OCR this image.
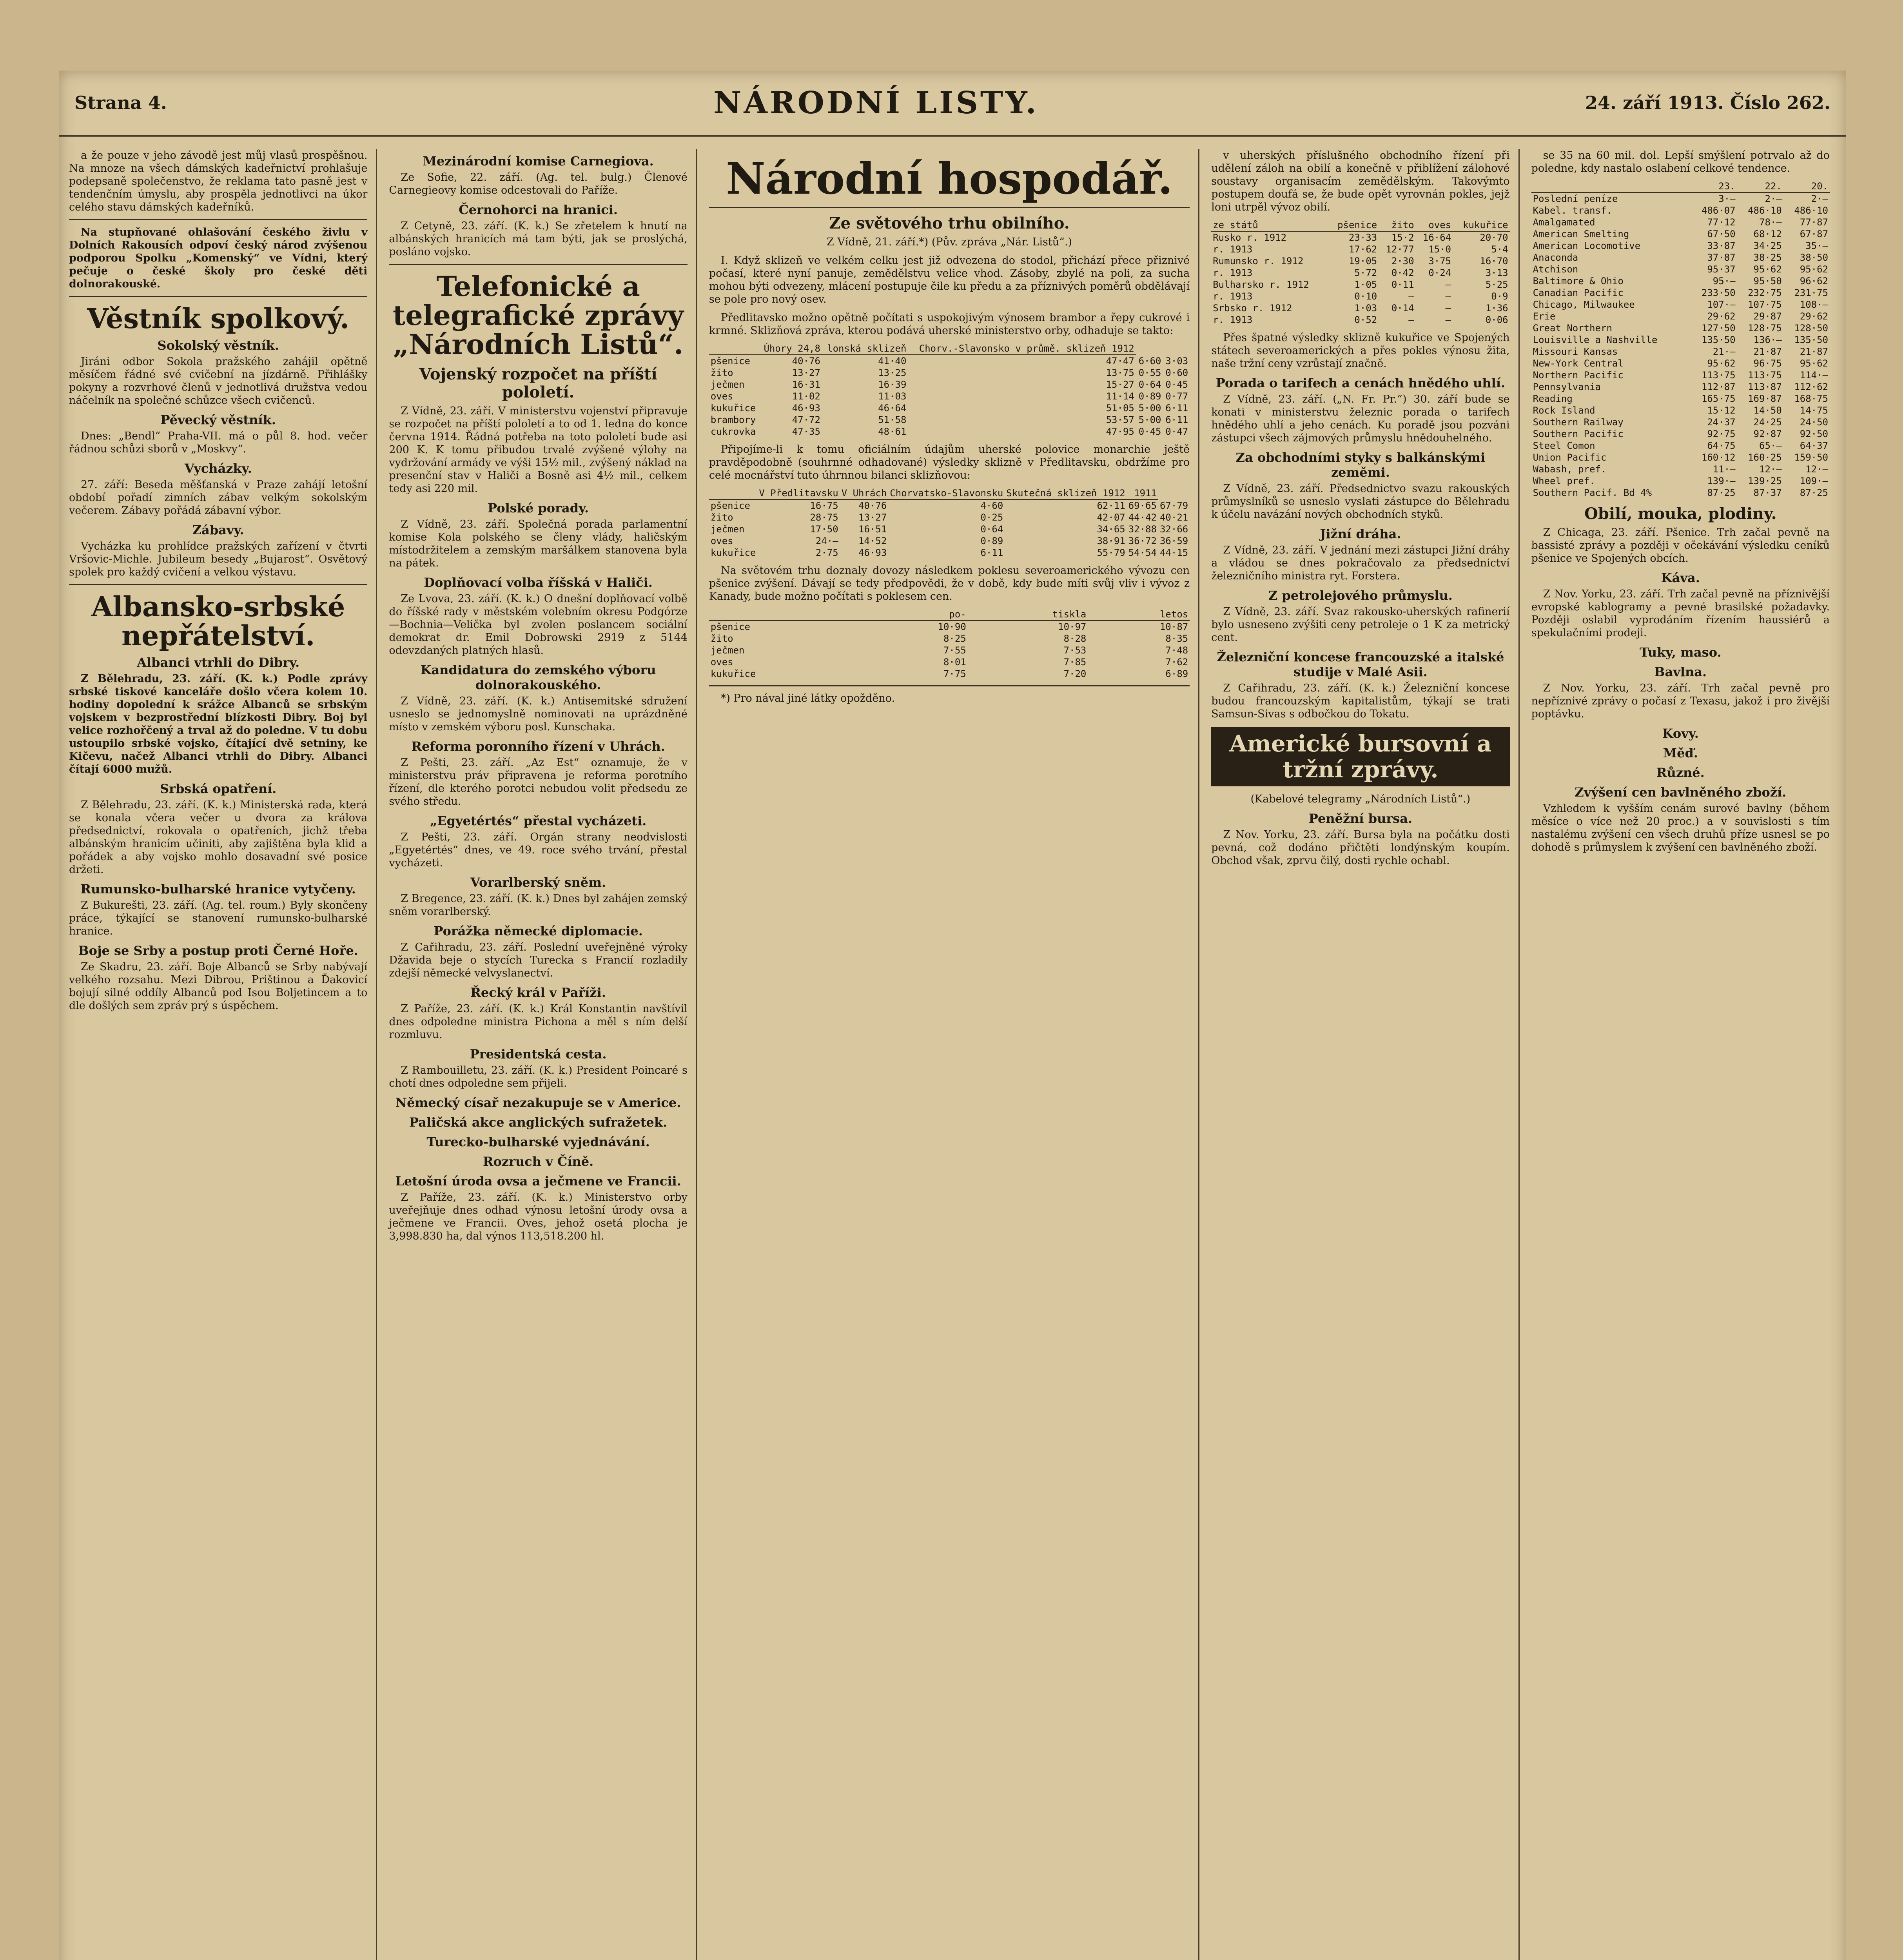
Strana 4.	NÁRODNÍ LISTY.	24. září 1913. Číslo 262.

a že pouze v jeho závodě jest můj vlasů prospěšnou. Na mnoze na všech dámských kadeřnictví prohlašuje podepsaně společenstvo, že reklama tato pasně jest v tendenčním úmyslu, aby prospěla jednotlivci na úkor celého stavu dámských kadeřníků.

Na stupňované ohlašování českého živlu v Dolních Rakousích odpoví český národ zvýšenou podporou Spolku „Komenský“ ve Vídni, který pečuje o české školy pro české děti dolnorakouské.

Věstník spolkový.
Sokolský věstník.

Jiráni odbor Sokola pražského zahájil opětně měsíčem řádné své cvičební na jízdárně. Přihlášky pokyny a rozvrhové členů v jednotlivá družstva vedou náčelník na společné schůzce všech cvičenců.

Pěvecký věstník.

Dnes: „Bendl“ Praha-VII. má o půl 8. hod. večer řádnou schůzi sborů v „Moskvy“.

Vycházky.

27. září: Beseda měšťanská v Praze zahájí letošní období pořadí zimních zábav velkým sokolským večerem. Zábavy pořádá zábavní výbor.

Zábavy.

Vycházka ku prohlídce pražských zařízení v čtvrti Vršovic-Michle. Jubileum besedy „Bujarost“. Osvětový spolek pro každý cvičení a velkou výstavu.

Albansko-srbské nepřátelství.
Albanci vtrhli do Dibry.

Z Bělehradu, 23. září. (K. k.) Podle zprávy srbské tiskové kanceláře došlo včera kolem 10. hodiny dopolední k srážce Albanců se srbským vojskem v bezprostřední blízkosti Dibry. Boj byl velice rozhořčený a trval až do poledne. V tu dobu ustoupilo srbské vojsko, čítající dvě setniny, ke Kičevu, načež Albanci vtrhli do Dibry. Albanci čítají 6000 mužů.

Srbská opatření.

Z Bělehradu, 23. září. (K. k.) Ministerská rada, která se konala včera večer u dvora za králova předsednictví, rokovala o opatřeních, jichž třeba albánským hranicím učiniti, aby zajištěna byla klid a pořádek a aby vojsko mohlo dosavadní své posice držeti.

Rumunsko-bulharské hranice vytyčeny.

Z Bukurešti, 23. září. (Ag. tel. roum.) Byly skončeny práce, týkající se stanovení rumunsko-bulharské hranice.

Boje se Srby a postup proti Černé Hoře.

Ze Skadru, 23. září. Boje Albanců se Srby nabývají velkého rozsahu. Mezi Dibrou, Prištinou a Ďakovicí bojují silné oddíly Albanců pod Isou Boljetincem a to dle došlých sem zpráv prý s úspěchem.

Mezinárodní komise Carnegiova.

Ze Sofie, 22. září. (Ag. tel. bulg.) Členové Carnegieovy komise odcestovali do Paříže.

Černohorci na hranici.

Z Cetyně, 23. září. (K. k.) Se zřetelem k hnutí na albánských hranicích má tam býti, jak se proslýchá, posláno vojsko.

Telefonické a telegrafické zprávy „Národních Listů“.
Vojenský rozpočet na příští pololetí.

Z Vídně, 23. září. V ministerstvu vojenství připravuje se rozpočet na příští pololetí a to od 1. ledna do konce června 1914. Řádná potřeba na toto pololetí bude asi 200 K. K tomu přibudou trvalé zvýšené výlohy na vydržování armády ve výši 15½ mil., zvýšený náklad na presenční stav v Haliči a Bosně asi 4½ mil., celkem tedy asi 220 mil.

Polské porady.

Z Vídně, 23. září. Společná porada parlamentní komise Kola polského se členy vlády, haličským místodržitelem a zemským maršálkem stanovena byla na pátek.

Doplňovací volba říšská v Haliči.

Ze Lvova, 23. září. (K. k.) O dnešní doplňovací volbě do říšské rady v městském volebním okresu Podgórze—Bochnia—Velička byl zvolen poslancem sociální demokrat dr. Emil Dobrowski 2919 z 5144 odevzdaných platných hlasů.

Kandidatura do zemského výboru dolnorakouského.

Z Vídně, 23. září. (K. k.) Antisemitské sdružení usneslo se jednomyslně nominovati na uprázdněné místo v zemském výboru posl. Kunschaka.

Reforma poronního řízení v Uhrách.

Z Pešti, 23. září. „Az Est“ oznamuje, že v ministerstvu práv připravena je reforma porotního řízení, dle kterého porotci nebudou volit předsedu ze svého středu.

„Egyetértés“ přestal vycházeti.

Z Pešti, 23. září. Orgán strany neodvislosti „Egyetértés“ dnes, ve 49. roce svého trvání, přestal vycházeti.

Vorarlberský sněm.

Z Bregence, 23. září. (K. k.) Dnes byl zahájen zemský sněm vorarlberský.

Porážka německé diplomacie.

Z Cařihradu, 23. září. Poslední uveřejněné výroky Džavida beje o stycích Turecka s Francií rozladily zdejší německé velvyslanectví.

Řecký král v Paříži.

Z Paříže, 23. září. (K. k.) Král Konstantin navštívil dnes odpoledne ministra Pichona a měl s ním delší rozmluvu.

Presidentská cesta.

Z Rambouilletu, 23. září. (K. k.) President Poincaré s chotí dnes odpoledne sem přijeli.

Německý císař nezakupuje se v Americe.
Paličská akce anglických sufražetek.
Turecko-bulharské vyjednávání.
Rozruch v Číně.
Letošní úroda ovsa a ječmene ve Francii.

Z Paříže, 23. září. (K. k.) Ministerstvo orby uveřejňuje dnes odhad výnosu letošní úrody ovsa a ječmene ve Francii. Oves, jehož osetá plocha je 3,998.830 ha, dal výnos 113,518.200 hl.

Národní hospodář.
Ze světového trhu obilního.

Z Vídně, 21. září.*) (Pův. zpráva „Nár. Listů“.)

I. Když sklizeň ve velkém celku jest již odvezena do stodol, přichází přece přiznivé počasí, které nyní panuje, zemědělstvu velice vhod. Zásoby, zbylé na poli, za sucha mohou býti odvezeny, mlácení postupuje čile ku předu a za příznivých poměrů obdělávají se pole pro nový osev.

Předlitavsko možno opětně počítati s uspokojivým výnosem brambor a řepy cukrové i krmné. Sklizňová zpráva, kterou podává uherské ministerstvo orby, odhaduje se takto:

	Úhory 24,8	lonská sklizeň	Chorv.-Slavonsko v průmě. sklizeň 1912		
pšenice	40·76	41·40	47·47	6·60	3·03
žito	13·27	13·25	13·75	0·55	0·60
ječmen	16·31	16·39	15·27	0·64	0·45
oves	11·02	11·03	11·14	0·89	0·77
kukuřice	46·93	46·64	51·05	5·00	6·11
brambory	47·72	51·58	53·57	5·00	6·11
cukrovka	47·35	48·61	47·95	0·45	0·47

Připojíme-li k tomu oficiálním údajům uherské polovice monarchie ještě pravděpodobně (souhrnné odhadované) výsledky sklizně v Předlitavsku, obdržíme pro celé mocnářství tuto úhrnnou bilanci sklizňovou:

	V Předlitavsku	V Uhrách	Chorvatsko-Slavonsku	Skutečná sklizeň 1912	1911	
pšenice	16·75	40·76	4·60	62·11	69·65	67·79
žito	28·75	13·27	0·25	42·07	44·42	40·21
ječmen	17·50	16·51	0·64	34·65	32·88	32·66
oves	24·—	14·52	0·89	38·91	36·72	36·59
kukuřice	2·75	46·93	6·11	55·79	54·54	44·15

Na světovém trhu doznaly dovozy následkem poklesu severoamerického vývozu cen pšenice zvýšení. Dávají se tedy předpovědi, že v době, kdy bude míti svůj vliv i vývoz z Kanady, bude možno počítati s poklesem cen.

	po-	tiskla	letos
pšenice	10·90	10·97	10·87
žito	8·25	8·28	8·35
ječmen	7·55	7·53	7·48
oves	8·01	7·85	7·62
kukuřice	7·75	7·20	6·89

*) Pro nával jiné látky opožděno.

v uherských příslušného obchodního řízení při udělení záloh na obilí a konečně v přiblížení zálohové soustavy organisacím zemědělským. Takovýmto postupem doufá se, že bude opět vyrovnán pokles, jejž loni utrpěl vývoz obilí.

ze států	pšenice	žito	oves	kukuřice
Rusko r. 1912	23·33	15·2	16·64	20·70
r. 1913	17·62	12·77	15·0	5·4
Rumunsko r. 1912	19·05	2·30	3·75	16·70
r. 1913	5·72	0·42	0·24	3·13
Bulharsko r. 1912	1·05	0·11	—	5·25
r. 1913	0·10	—	—	0·9
Srbsko r. 1912	1·03	0·14	—	1·36
r. 1913	0·52	—	—	0·06

Přes špatné výsledky sklizně kukuřice ve Spojených státech severoamerických a přes pokles výnosu žita, naše tržní ceny vzrůstají značně.

Porada o tarifech a cenách hnědého uhlí.

Z Vídně, 23. září. („N. Fr. Pr.“) 30. září bude se konati v ministerstvu železnic porada o tarifech hnědého uhlí a jeho cenách. Ku poradě jsou pozváni zástupci všech zájmových průmyslu hnědouhelného.

Za obchodními styky s balkánskými zeměmi.

Z Vídně, 23. září. Předsednictvo svazu rakouských průmyslníků se usneslo vyslati zástupce do Bělehradu k účelu navázání nových obchodních styků.

Jižní dráha.

Z Vídně, 23. září. V jednání mezi zástupci Jižní dráhy a vládou se dnes pokračovalo za předsednictví železničního ministra ryt. Forstera.

Z petrolejového průmyslu.

Z Vídně, 23. září. Svaz rakousko-uherských rafinerií bylo usneseno zvýšiti ceny petroleje o 1 K za metrický cent.

Železniční koncese francouzské a italské studije v Malé Asii.

Z Cařihradu, 23. září. (K. k.) Železniční koncese budou francouzským kapitalistům, týkají se trati Samsun-Sivas s odbočkou do Tokatu.

Americké bursovní a tržní zprávy.

(Kabelové telegramy „Národních Listů“.)

Peněžní bursa.

Z Nov. Yorku, 23. září. Bursa byla na počátku dosti pevná, což dodáno přičtěti londýnským koupím. Obchod však, zprvu čilý, dosti rychle ochabl.

se 35 na 60 mil. dol. Lepší smýšlení potrvalo až do poledne, kdy nastalo oslabení celkové tendence.

	23.	22.	20.
Poslední peníze	3·—	2·—	2·—
Kabel. transf.	486·07	486·10	486·10
Amalgamated	77·12	78·—	77·87
American Smelting	67·50	68·12	67·87
American Locomotive	33·87	34·25	35·—
Anaconda	37·87	38·25	38·50
Atchison	95·37	95·62	95·62
Baltimore & Ohio	95·—	95·50	96·62
Canadian Pacific	233·50	232·75	231·75
Chicago, Milwaukee	107·—	107·75	108·—
Erie	29·62	29·87	29·62
Great Northern	127·50	128·75	128·50
Louisville a Nashville	135·50	136·—	135·50
Missouri Kansas	21·—	21·87	21·87
New-York Central	95·62	96·75	95·62
Northern Pacific	113·75	113·75	114·—
Pennsylvania	112·87	113·87	112·62
Reading	165·75	169·87	168·75
Rock Island	15·12	14·50	14·75
Southern Railway	24·37	24·25	24·50
Southern Pacific	92·75	92·87	92·50
Steel Comon	64·75	65·—	64·37
Union Pacific	160·12	160·25	159·50
Wabash, pref.	11·—	12·—	12·—
Wheel pref.	139·—	139·25	109·—
Southern Pacif. Bd 4%	87·25	87·37	87·25
Obilí, mouka, plodiny.

Z Chicaga, 23. září. Pšenice. Trh začal pevně na bassisté zprávy a později v očekávání výsledku ceníků pšenice ve Spojených obcích.

Káva.

Z Nov. Yorku, 23. září. Trh začal pevně na příznivější evropské kablogramy a pevné brasilské požadavky. Později oslabil vyprodáním řízením haussiérů a spekulačními prodeji.

Tuky, maso.
Bavlna.

Z Nov. Yorku, 23. září. Trh začal pevně pro nepříznivé zprávy o počasí z Texasu, jakož i pro živější poptávku.

Kovy.
Měď.
Různé.
Zvýšení cen bavlněného zboží.

Vzhledem k vyšším cenám surové bavlny (během měsíce o více než 20 proc.) a v souvislosti s tím nastalému zvýšení cen všech druhů příze usnesl se po dohodě s průmyslem k zvýšení cen bavlněného zboží.
